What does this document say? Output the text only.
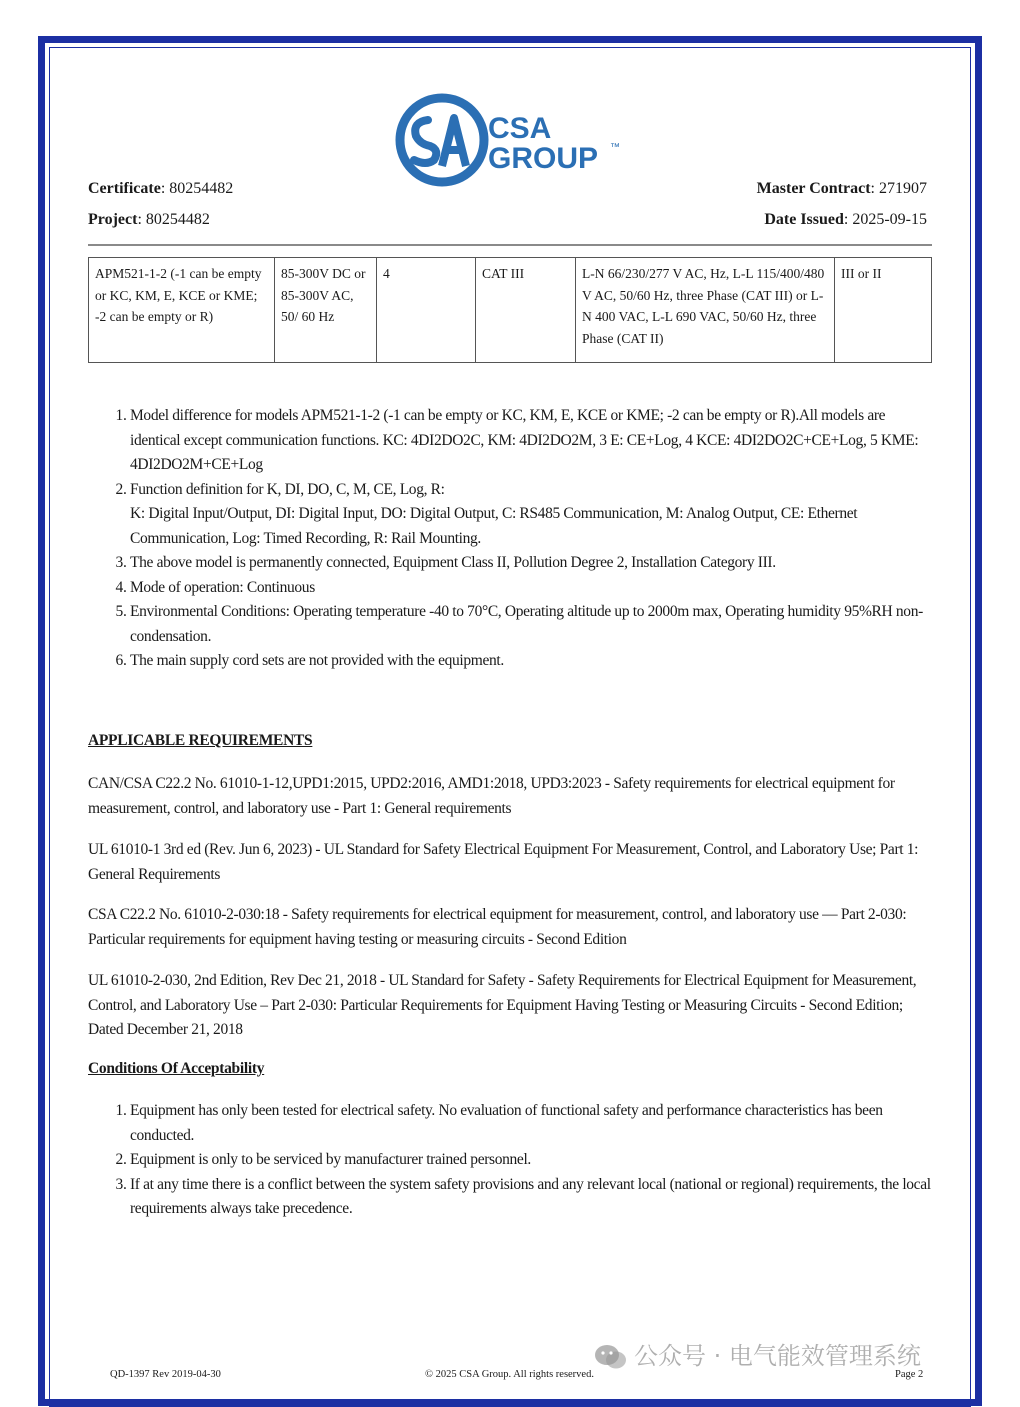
CSA
GROUP ™
Certificate: 80254482
Project: 80254482
Master Contract: 271907
Date Issued: 2025-09-15
APM521-1-2 (-1 can be empty or KC, KM, E, KCE or KME; -2 can be empty or R)	85-300V DC or 85-300V AC, 50/ 60 Hz	4	CAT III	L-N 66/230/277 V AC, Hz, L-L 115/400/480 V AC, 50/60 Hz, three Phase (CAT III) or L-N 400 VAC, L-L 690 VAC, 50/60 Hz, three Phase (CAT II)	III or II
1. Model difference for models APM521-1-2 (-1 can be empty or KC, KM, E, KCE or KME; -2 can be empty or R).All models are identical except communication functions. KC: 4DI2DO2C, KM: 4DI2DO2M, 3 E: CE+Log, 4 KCE: 4DI2DO2C+CE+Log, 5 KME: 4DI2DO2M+CE+Log
2. Function definition for K, DI, DO, C, M, CE, Log, R:
K: Digital Input/Output, DI: Digital Input, DO: Digital Output, C: RS485 Communication, M: Analog Output, CE: Ethernet Communication, Log: Timed Recording, R: Rail Mounting.
3. The above model is permanently connected, Equipment Class II, Pollution Degree 2, Installation Category III.
4. Mode of operation: Continuous
5. Environmental Conditions: Operating temperature -40 to 70°C, Operating altitude up to 2000m max, Operating humidity 95%RH non-condensation.
6. The main supply cord sets are not provided with the equipment.
APPLICABLE REQUIREMENTS
CAN/CSA C22.2 No. 61010-1-12,UPD1:2015, UPD2:2016, AMD1:2018, UPD3:2023 - Safety requirements for electrical equipment for measurement, control, and laboratory use - Part 1: General requirements
UL 61010-1 3rd ed (Rev. Jun 6, 2023) - UL Standard for Safety Electrical Equipment For Measurement, Control, and Laboratory Use; Part 1: General Requirements
CSA C22.2 No. 61010-2-030:18 - Safety requirements for electrical equipment for measurement, control, and laboratory use — Part 2-030: Particular requirements for equipment having testing or measuring circuits - Second Edition
UL 61010-2-030, 2nd Edition, Rev Dec 21, 2018 - UL Standard for Safety - Safety Requirements for Electrical Equipment for Measurement, Control, and Laboratory Use – Part 2-030: Particular Requirements for Equipment Having Testing or Measuring Circuits - Second Edition; Dated December 21, 2018
Conditions Of Acceptability
1. Equipment has only been tested for electrical safety. No evaluation of functional safety and performance characteristics has been conducted.
2. Equipment is only to be serviced by manufacturer trained personnel.
3. If at any time there is a conflict between the system safety provisions and any relevant local (national or regional) requirements, the local requirements always take precedence.
公众号 · 电气能效管理系统
QD-1397 Rev 2019-04-30	© 2025 CSA Group. All rights reserved.	Page 2
